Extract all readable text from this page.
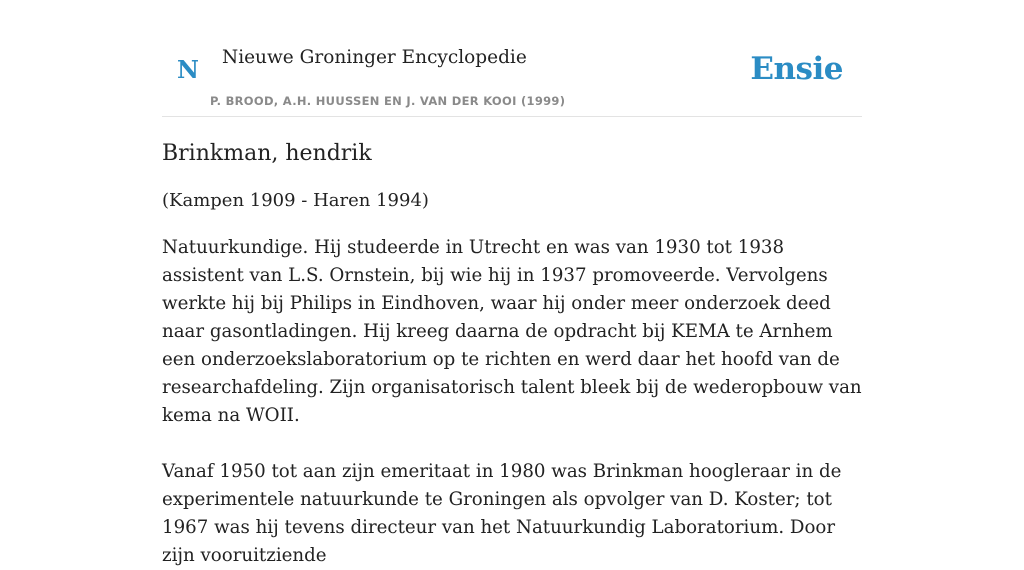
N Nieuwe Groninger Encyclopedie
P. BROOD, A.H. HUUSSEN EN J. VAN DER KOOI (1999)
Ensie
Brinkman, hendrik

(Kampen 1909 - Haren 1994)

Natuurkundige. Hij studeerde in Utrecht en was van 1930 tot 1938 assistent van L.S. Ornstein, bij wie hij in 1937 promoveerde. Vervolgens werkte hij bij Philips in Eindhoven, waar hij onder meer onderzoek deed naar gasontladingen. Hij kreeg daarna de opdracht bij KEMA te Arnhem een onderzoekslaboratorium op te richten en werd daar het hoofd van de researchafdeling. Zijn organisatorisch talent bleek bij de wederopbouw van kema na WOII.

Vanaf 1950 tot aan zijn emeritaat in 1980 was Brinkman hoogleraar in de experimentele natuurkunde te Groningen als opvolger van D. Koster; tot 1967 was hij tevens directeur van het Natuurkundig Laboratorium. Door zijn vooruitziende
